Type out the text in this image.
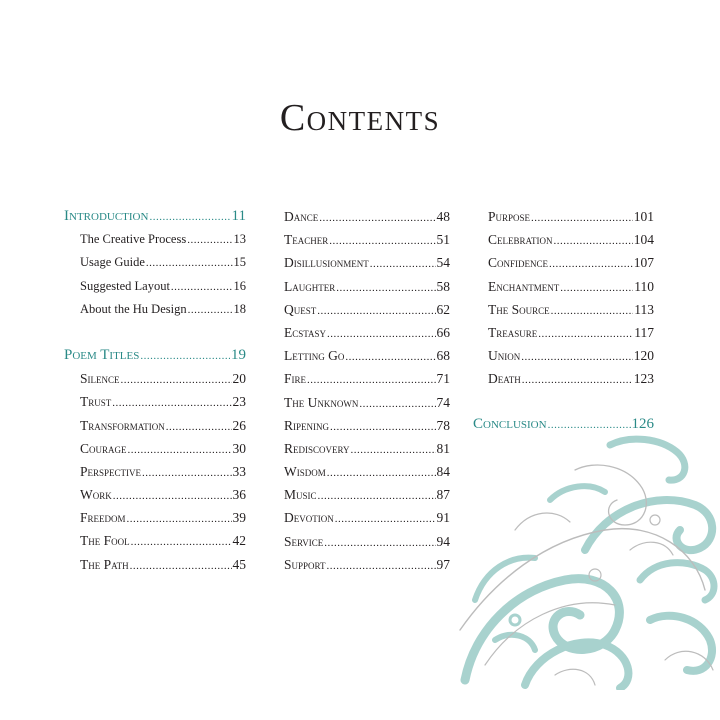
Contents
Introduction .....	11
The Creative Process .....	13
Usage Guide .....	15
Suggested Layout .....	16
About the Hu Design .....	18
Poem Titles .....	19
Silence .....	20
Trust .....	23
Transformation .....	26
Courage .....	30
Perspective .....	33
Work .....	36
Freedom .....	39
The Fool .....	42
The Path .....	45
Dance .....	48
Teacher .....	51
Disillusionment .....	54
Laughter .....	58
Quest .....	62
Ecstasy .....	66
Letting Go .....	68
Fire .....	71
The Unknown .....	74
Ripening .....	78
Rediscovery .....	81
Wisdom .....	84
Music .....	87
Devotion .....	91
Service .....	94
Support .....	97
Purpose .....	101
Celebration .....	104
Confidence .....	107
Enchantment .....	110
The Source .....	113
Treasure .....	117
Union .....	120
Death .....	123
Conclusion .....	126
